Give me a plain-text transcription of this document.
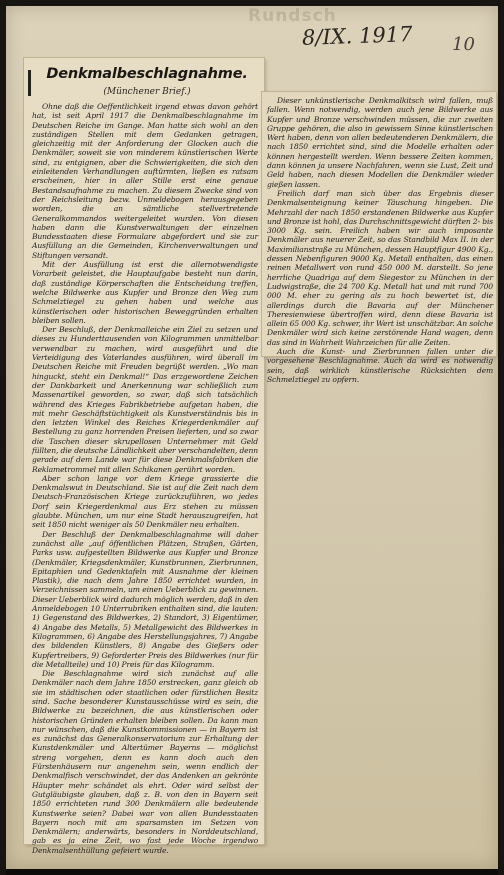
Rundsch
8/IX. 1917 10
Denkmalbeschlagnahme.
(Münchener Brief.)

Ohne daß die Oeffentlichkeit irgend etwas davon gehört hat, ist seit April 1917 die Denkmalbeschlagnahme im Deutschen Reiche im Gange. Man hatte sich wohl an den zuständigen Stellen mit dem Gedanken getragen, gleichzeitig mit der Anforderung der Glocken auch die Denkmäler, soweit sie von minderem künstlerischen Werte sind, zu entgignen, aber die Schwierigkeiten, die sich den einleitenden Verhandlungen auftürmten, ließen es ratsam erscheinen, hier in aller Stille erst eine genaue Bestandsaufnahme zu machen. Zu diesem Zwecke sind von der Reichsleitung bezw. Unmeldebogen herausgegeben worden, die an sämtliche stellvertretende Generalkommandos weitergeleitet wurden. Von diesen haben dann die Kunstverwaltungen der einzelnen Bundesstaaten diese Formulare abgefordert und sie zur Ausfüllung an die Gemeinden, Kirchenverwaltungen und Stiftungen versandt.

Mit der Ausfüllung ist erst die allernotwendigste Vorarbeit geleistet, die Hauptaufgabe besteht nun darin, daß zuständige Körperschaften die Entscheidung treffen, welche Bildwerke aus Kupfer und Bronze den Weg zum Schmelztiegel zu gehen haben und welche aus künstlerischen oder historischen Beweggründen erhalten bleiben sollen.

Der Beschluß, der Denkmalleiche ein Ziel zu setzen und dieses zu Hunderttausenden von Kilogrammen unmittelbar verwendbar zu machen, wird ausgeführt und die Verteidigung des Vaterlandes ausführen, wird überall im Deutschen Reiche mit Freuden begrüßt werden. „Wo man hinguckt, steht ein Denkmal!“ Das erzgewordene Zeichen der Dankbarkeit und Anerkennung war schließlich zum Massenartikel geworden, so zwar, daß sich tatsächlich während des Krieges Fabrikbetriebe aufgetan haben, die mit mehr Geschäftstüchtigkeit als Kunstverständnis bis in den letzten Winkel des Reiches Kriegerdenkmäler auf Bestellung zu ganz horrenden Preisen lieferten, und so zwar die Taschen dieser skrupellosen Unternehmer mit Geld füllten, die deutsche Ländlichkeit aber verschandelten, denn gerade auf dem Lande war für diese Denkmalsfabriken die Reklametrommel mit allen Schikanen gerührt worden.

Aber schon lange vor dem Kriege grassierte die Denkmalswut in Deutschland. Sie ist auf die Zeit nach dem Deutsch-Französischen Kriege zurückzuführen, wo jedes Dorf sein Kriegerdenkmal aus Erz stehen zu müssen glaubte. München, um nur eine Stadt herauszugreifen, hat seit 1850 nicht weniger als 50 Denkmäler neu erhalten.

Der Beschluß der Denkmalbeschlagnahme will daher zunächst alle „auf öffentlichen Plätzen, Straßen, Gärten, Parks usw. aufgestellten Bildwerke aus Kupfer und Bronze (Denkmäler, Kriegsdenkmäler, Kunstbrunnen, Zierbrunnen, Epitaphien und Gedenktafeln mit Ausnahme der kleinen Plastik), die nach dem Jahre 1850 errichtet wurden, in Verzeichnissen sammeln, um einen Ueberblick zu gewinnen. Dieser Ueberblick wird dadurch möglich werden, daß in den Anmeldebogen 10 Unterrubriken enthalten sind, die lauten: 1) Gegenstand des Bildwerkes, 2) Standort, 3) Eigentümer, 4) Angabe des Metalls, 5) Metallgewicht des Bildwerkes in Kilogrammen, 6) Angabe des Herstellungsjahres, 7) Angabe des bildenden Künstlers, 8) Angabe des Gießers oder Kupfertreibers, 9) Geforderter Preis des Bildwerkes (nur für die Metallteile) und 10) Preis für das Kilogramm.

Die Beschlagnahme wird sich zunächst auf alle Denkmäler nach dem Jahre 1850 erstrecken, ganz gleich ob sie im städtischen oder staatlichen oder fürstlichen Besitz sind. Sache besonderer Kunstausschüsse wird es sein, die Bildwerke zu bezeichnen, die aus künstlerischen oder historischen Gründen erhalten bleiben sollen. Da kann man nur wünschen, daß die Kunstkommissionen — in Bayern ist es zunächst das Generalkonservatorium zur Erhaltung der Kunstdenkmäler und Altertümer Bayerns — möglichst streng vorgehen, denn es kann doch auch den Fürstenhäusern nur angenehm sein, wenn endlich der Denkmalfisch verschwindet, der das Andenken an gekrönte Häupter mehr schändet als ehrt. Oder wird selbst der Gutgläubigste glauben, daß z. B. von den in Bayern seit 1850 errichteten rund 300 Denkmälern alle bedeutende Kunstwerke seien? Dabei war von allen Bundesstaaten Bayern noch mit am sparsamsten im Setzen von Denkmälern; anderwärts, besonders in Norddeutschland, gab es ja eine Zeit, wo fast jede Woche irgendwo Denkmalsenthüllung gefeiert wurde.

Dieser unkünstlerische Denkmalkitsch wird fallen, muß fallen. Wenn notwendig, werden auch jene Bildwerke aus Kupfer und Bronze verschwinden müssen, die zur zweiten Gruppe gehören, die also in gewissem Sinne künstlerischen Wert haben, denn von allen bedeutenderen Denkmälern, die nach 1850 errichtet sind, sind die Modelle erhalten oder können hergestellt werden. Wenn bessere Zeiten kommen, dann können ja unsere Nachfahren, wenn sie Lust, Zeit und Geld haben, nach diesen Modellen die Denkmäler wieder gießen lassen.

Freilich darf man sich über das Ergebnis dieser Denkmalsenteignung keiner Täuschung hingeben. Die Mehrzahl der nach 1850 erstandenen Bildwerke aus Kupfer und Bronze ist hohl, das Durchschnittsgewicht dürften 2- bis 3000 Kg. sein. Freilich haben wir auch imposante Denkmäler aus neuerer Zeit, so das Standbild Max II. in der Maximilianstraße zu München, dessen Hauptfigur 4900 Kg., dessen Nebenfiguren 9000 Kg. Metall enthalten, das einen reinen Metallwert von rund 450 000 M. darstellt. So jene herrliche Quadriga auf dem Siegestor zu München in der Ludwigstraße, die 24 700 Kg. Metall hat und mit rund 700 000 M. eher zu gering als zu hoch bewertet ist, die allerdings durch die Bavaria auf der Münchener Theresienwiese übertroffen wird, denn diese Bavaria ist allein 65 000 Kg. schwer, ihr Wert ist unschätzbar. An solche Denkmäler wird sich keine zerstörende Hand wagen, denn das sind in Wahrheit Wahrzeichen für alle Zeiten.

Auch die Kunst- und Zierbrunnen fallen unter die vorgesehene Beschlagnahme. Auch da wird es notwendig sein, daß wirklich künstlerische Rücksichten dem Schmelztiegel zu opfern.
